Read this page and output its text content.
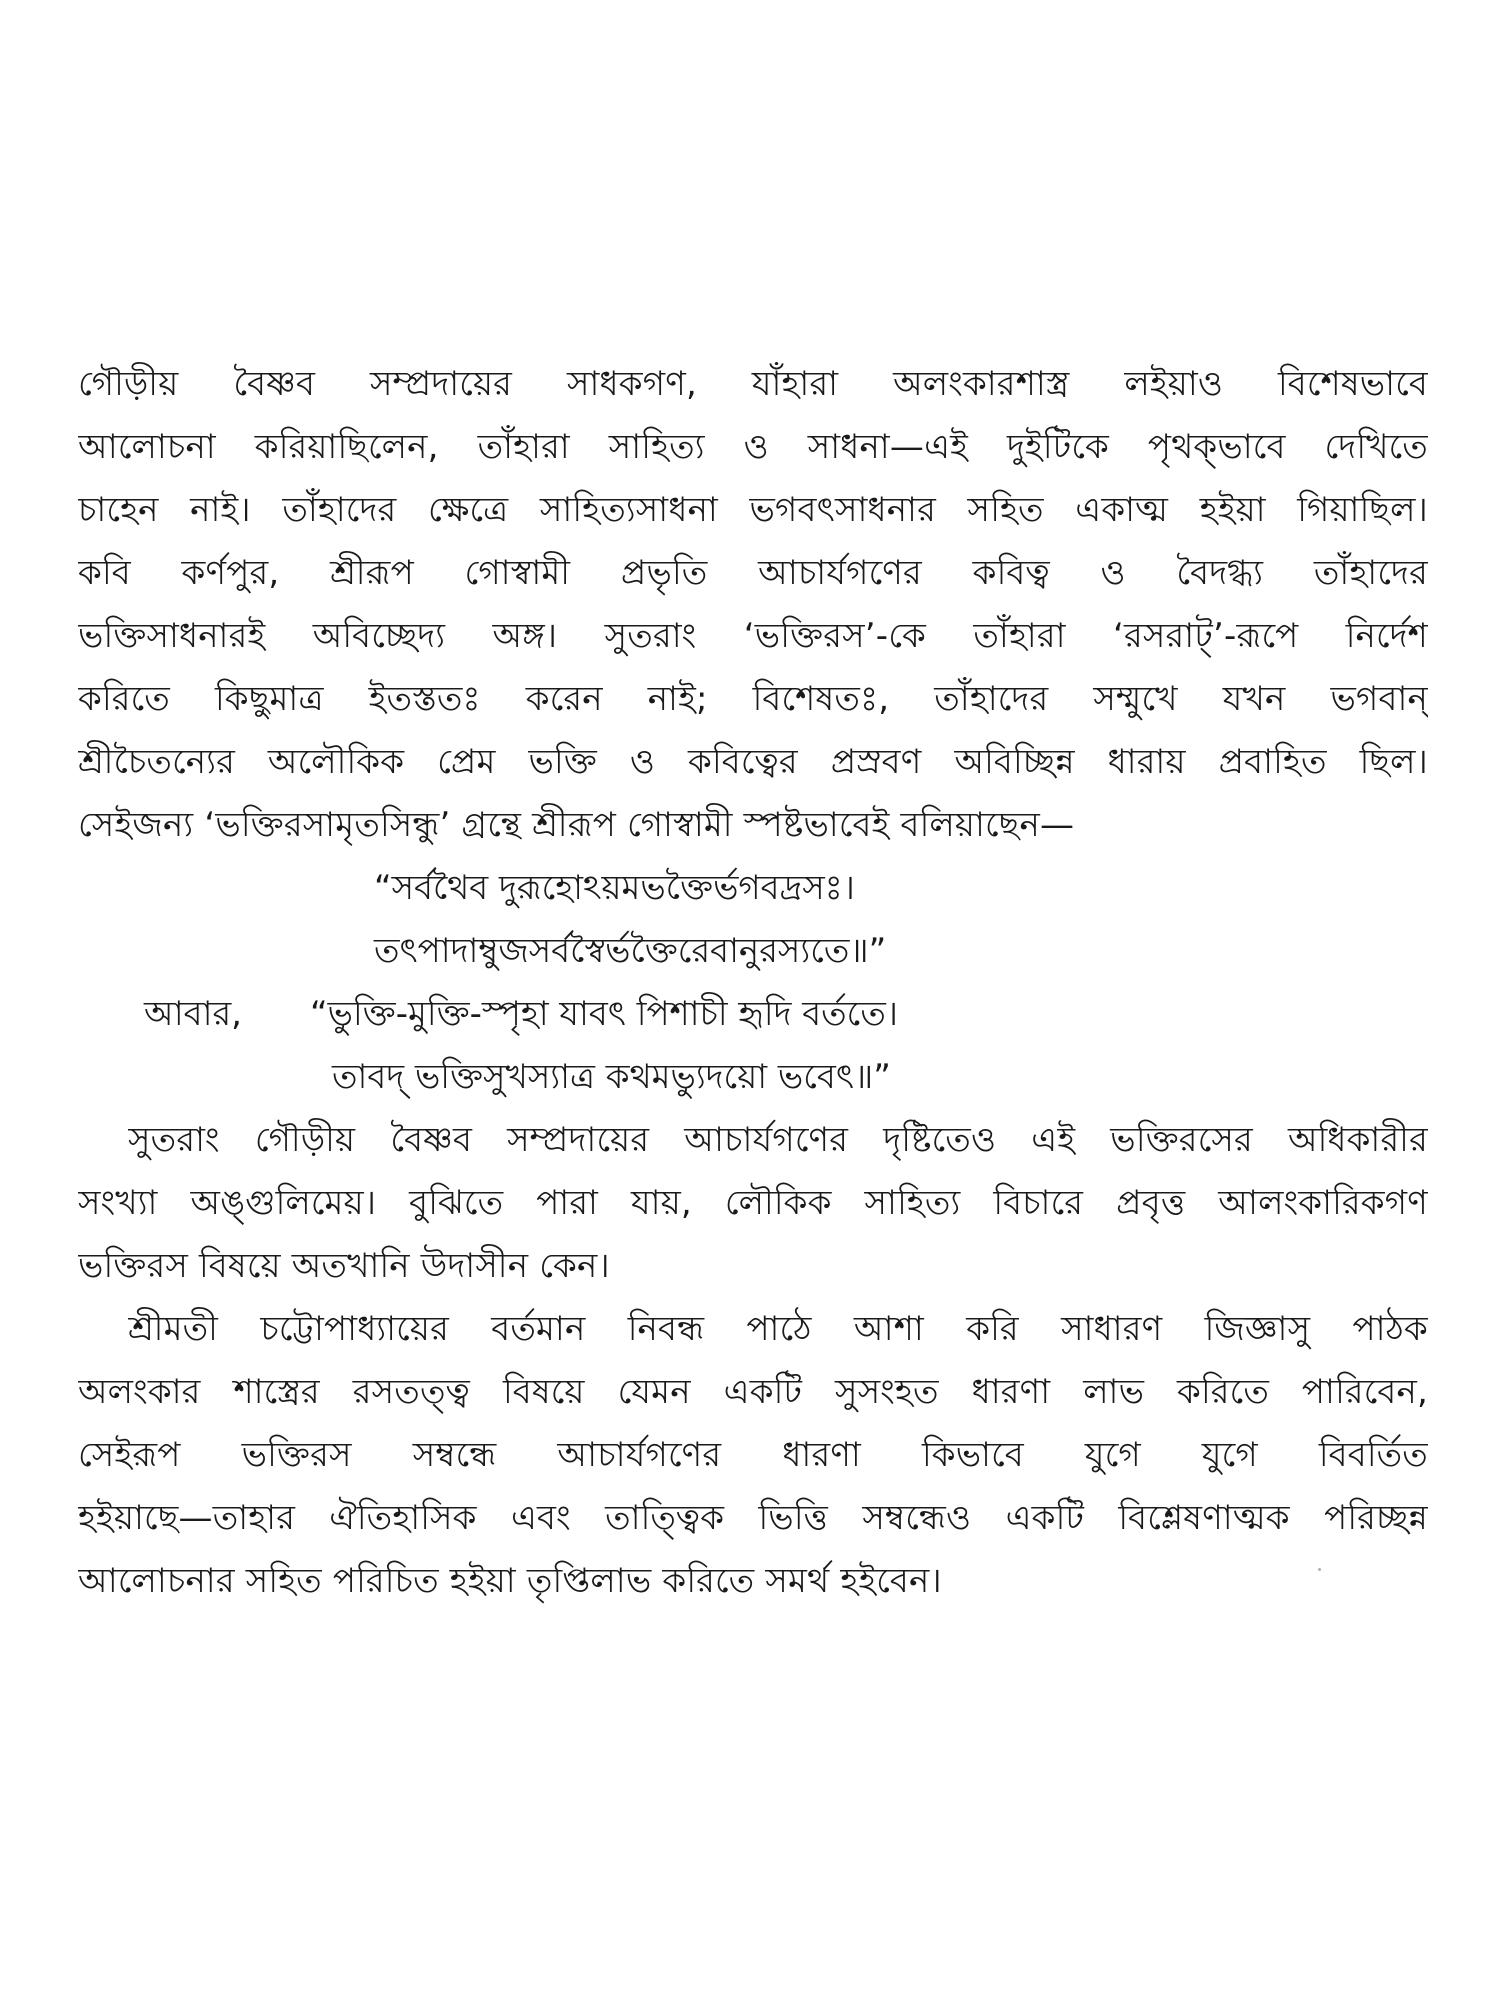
গৌড়ীয় বৈষ্ণব সম্প্রদায়ের সাধকগণ, যাঁহারা অলংকারশাস্ত্র লইয়াও বিশেষভাবে
আলোচনা করিয়াছিলেন, তাঁহারা সাহিত্য ও সাধনা—এই দুইটিকে পৃথক্‌ভাবে দেখিতে
চাহেন নাই। তাঁহাদের ক্ষেত্রে সাহিত্যসাধনা ভগবৎসাধনার সহিত একাত্ম হইয়া গিয়াছিল।
কবি কর্ণপুর, শ্রীরূপ গোস্বামী প্রভৃতি আচার্যগণের কবিত্ব ও বৈদগ্ধ্য তাঁহাদের
ভক্তিসাধনারই অবিচ্ছেদ্য অঙ্গ। সুতরাং ‘ভক্তিরস’-কে তাঁহারা ‘রসরাট্‌’-রূপে নির্দেশ
করিতে কিছুমাত্র ইতস্ততঃ করেন নাই; বিশেষতঃ, তাঁহাদের সম্মুখে যখন ভগবান্‌
শ্রীচৈতন্যের অলৌকিক প্রেম ভক্তি ও কবিত্বের প্রস্রবণ অবিচ্ছিন্ন ধারায় প্রবাহিত ছিল।
সেইজন্য ‘ভক্তিরসামৃতসিন্ধু’ গ্রন্থে শ্রীরূপ গোস্বামী স্পষ্টভাবেই বলিয়াছেন—
“সর্বথৈব দুরূহোঽয়মভক্তৈর্ভগবদ্রসঃ।
তৎপাদাম্বুজসর্বস্বৈর্ভক্তৈরেবানুরস্যতে॥”
আবার, “ভুক্তি-মুক্তি-স্পৃহা যাবৎ পিশাচী হৃদি বর্ততে।
তাবদ্‌ ভক্তিসুখস্যাত্র কথমভ্যুদয়ো ভবেৎ॥”
সুতরাং গৌড়ীয় বৈষ্ণব সম্প্রদায়ের আচার্যগণের দৃষ্টিতেও এই ভক্তিরসের অধিকারীর
সংখ্যা অঙ্গুলিমেয়। বুঝিতে পারা যায়, লৌকিক সাহিত্য বিচারে প্রবৃত্ত আলংকারিকগণ
ভক্তিরস বিষয়ে অতখানি উদাসীন কেন।
শ্রীমতী চট্টোপাধ্যায়ের বর্তমান নিবন্ধ পাঠে আশা করি সাধারণ জিজ্ঞাসু পাঠক
অলংকার শাস্ত্রের রসতত্ত্ব বিষয়ে যেমন একটি সুসংহত ধারণা লাভ করিতে পারিবেন,
সেইরূপ ভক্তিরস সম্বন্ধে আচার্যগণের ধারণা কিভাবে যুগে যুগে বিবর্তিত
হইয়াছে—তাহার ঐতিহাসিক এবং তাত্ত্বিক ভিত্তি সম্বন্ধেও একটি বিশ্লেষণাত্মক পরিচ্ছন্ন
আলোচনার সহিত পরিচিত হইয়া তৃপ্তিলাভ করিতে সমর্থ হইবেন।
